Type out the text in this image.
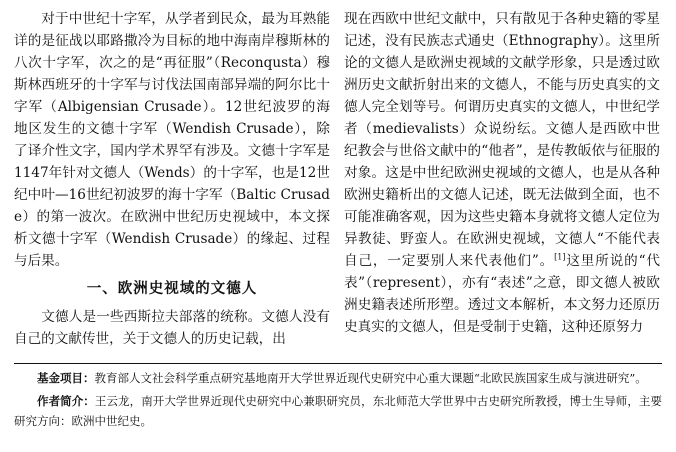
对于中世纪十字军，从学者到民众，最为耳熟能详的是征战以耶路撒冷为目标的地中海南岸穆斯林的八次十字军，次之的是“再征服”（Reconqusta）穆斯林西班牙的十字军与讨伐法国南部异端的阿尔比十字军（Albigensian Crusade）。12世纪波罗的海地区发生的文德十字军（Wendish Crusade），除了译介性文字，国内学术界罕有涉及。文德十字军是1147年针对文德人（Wends）的十字军，也是12世纪中叶—16世纪初波罗的海十字军（Baltic Crusade）的第一波次。在欧洲中世纪历史视域中，本文探析文德十字军（Wendish Crusade）的缘起、过程与后果。

一、欧洲史视域的文德人

文德人是一些西斯拉夫部落的统称。文德人没有自己的文献传世，关于文德人的历史记载，出

现在西欧中世纪文献中，只有散见于各种史籍的零星记述，没有民族志式通史（Ethnography）。这里所论的文德人是欧洲史视域的文献学形象，只是透过欧洲历史文献折射出来的文德人，不能与历史真实的文德人完全划等号。何谓历史真实的文德人，中世纪学者（medievalists）众说纷纭。文德人是西欧中世纪教会与世俗文献中的“他者”，是传教皈依与征服的对象。这是中世纪欧洲史视域的文德人，也是从各种欧洲史籍析出的文德人记述，既无法做到全面，也不可能准确客观，因为这些史籍本身就将文德人定位为异教徒、野蛮人。在欧洲史视域，文德人“不能代表自己，一定要别人来代表他们”。[1]这里所说的“代表”（represent），亦有“表述”之意，即文德人被欧洲史籍表述所形塑。透过文本解析，本文努力还原历史真实的文德人，但是受制于史籍，这种还原努力

基金项目：教育部人文社会科学重点研究基地南开大学世界近现代史研究中心重大课题“北欧民族国家生成与演进研究”。

作者简介：王云龙，南开大学世界近现代史研究中心兼职研究员，东北师范大学世界中古史研究所教授，博士生导师，主要研究方向：欧洲中世纪史。
